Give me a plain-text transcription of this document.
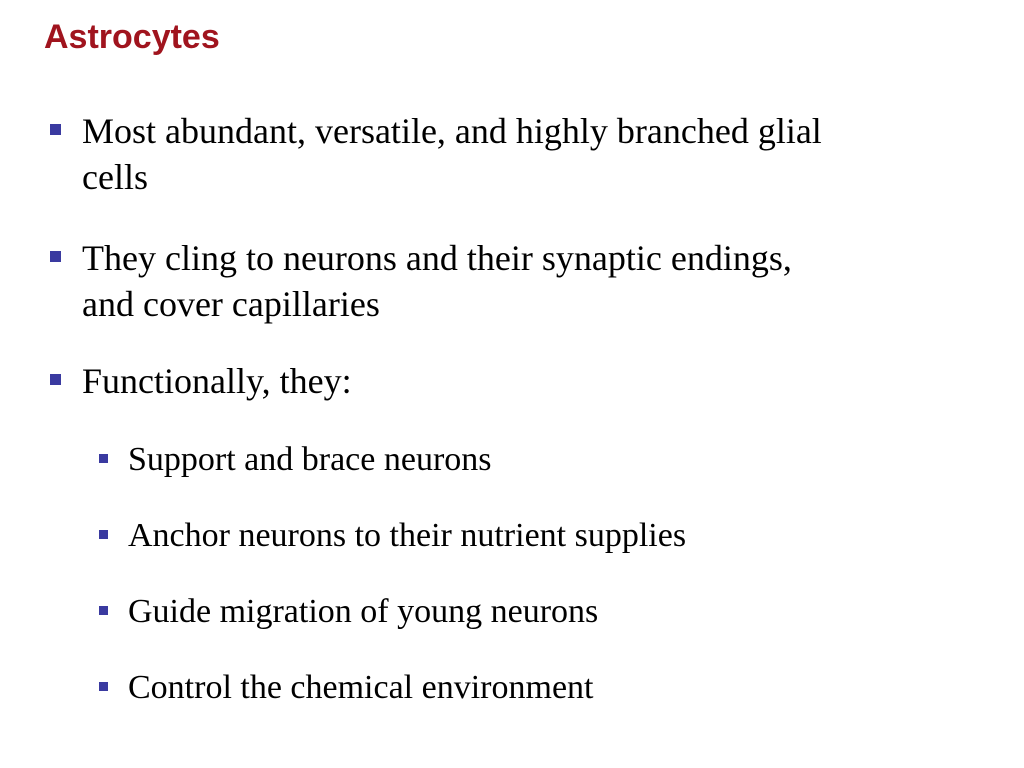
Astrocytes
Most abundant, versatile, and highly branched glial
cells
They cling to neurons and their synaptic endings,
and cover capillaries
Functionally, they:
Support and brace neurons
Anchor neurons to their nutrient supplies
Guide migration of young neurons
Control the chemical environment
